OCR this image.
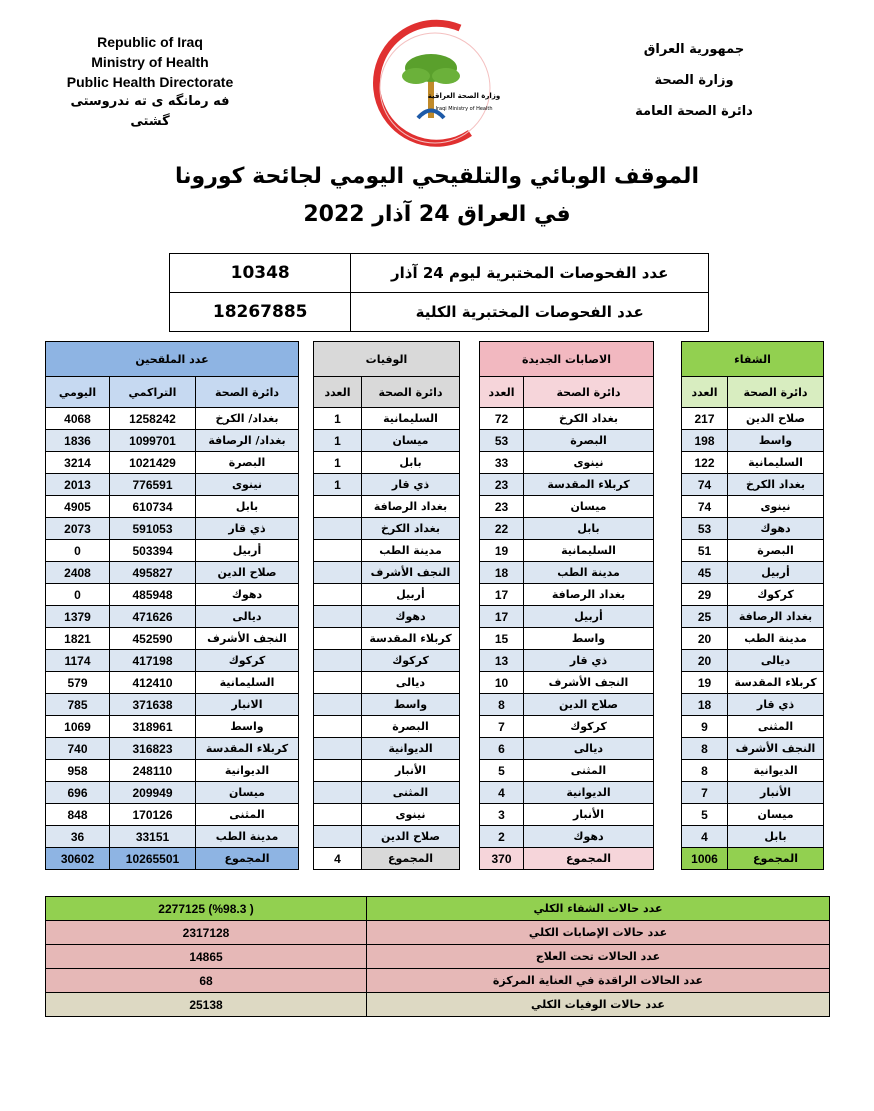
Republic of Iraq
Ministry of Health
Public Health Directorate
فه رمانگه ی ته ندروستی گشتی
وزارة الصحة العراقية
Iraqi Ministry of Health
جمهورية العراق
وزارة الصحة
دائرة الصحة العامة
الموقف الوبائي والتلقيحي اليومي لجائحة كورونا
في العراق 24 آذار 2022
10348	عدد الفحوصات المختبرية ليوم 24 آذار
18267885	عدد الفحوصات المختبرية الكلية
عدد الملقحين				الوفيات			الاصابات الجديدة			الشفاء	
اليومي	التراكمي	دائرة الصحة		العدد	دائرة الصحة		العدد	دائرة الصحة		العدد	دائرة الصحة
4068	1258242	بغداد/ الكرخ		1	السليمانية		72	بغداد الكرخ		217	صلاح الدين
1836	1099701	بغداد/ الرصافة		1	ميسان		53	البصرة		198	واسط
3214	1021429	البصرة		1	بابل		33	نينوى		122	السليمانية
2013	776591	نينوى		1	ذي قار		23	كربلاء المقدسة		74	بغداد الكرخ
4905	610734	بابل			بغداد الرصافة		23	ميسان		74	نينوى
2073	591053	ذي قار			بغداد الكرخ		22	بابل		53	دهوك
0	503394	أربيل			مدينة الطب		19	السليمانية		51	البصرة
2408	495827	صلاح الدين			النجف الأشرف		18	مدينة الطب		45	أربيل
0	485948	دهوك			أربيل		17	بغداد الرصافة		29	كركوك
1379	471626	ديالى			دهوك		17	أربيل		25	بغداد الرصافة
1821	452590	النجف الأشرف			كربلاء المقدسة		15	واسط		20	مدينة الطب
1174	417198	كركوك			كركوك		13	ذي قار		20	ديالى
579	412410	السليمانية			ديالى		10	النجف الأشرف		19	كربلاء المقدسة
785	371638	الانبار			واسط		8	صلاح الدين		18	ذي قار
1069	318961	واسط			البصرة		7	كركوك		9	المثنى
740	316823	كربلاء المقدسة			الديوانية		6	ديالى		8	النجف الأشرف
958	248110	الديوانية			الأنبار		5	المثنى		8	الديوانية
696	209949	ميسان			المثنى		4	الديوانية		7	الأنبار
848	170126	المثنى			نينوى		3	الأنبار		5	ميسان
36	33151	مدينة الطب			صلاح الدين		2	دهوك		4	بابل
30602	10265501	المجموع		4	المجموع		370	المجموع		1006	المجموع
2277125 (%98.3 )	عدد حالات الشفاء الكلي
2317128	عدد حالات الإصابات الكلي
14865	عدد الحالات تحت العلاج
68	عدد الحالات الراقدة في العناية المركزة
25138	عدد حالات الوفيات الكلي
